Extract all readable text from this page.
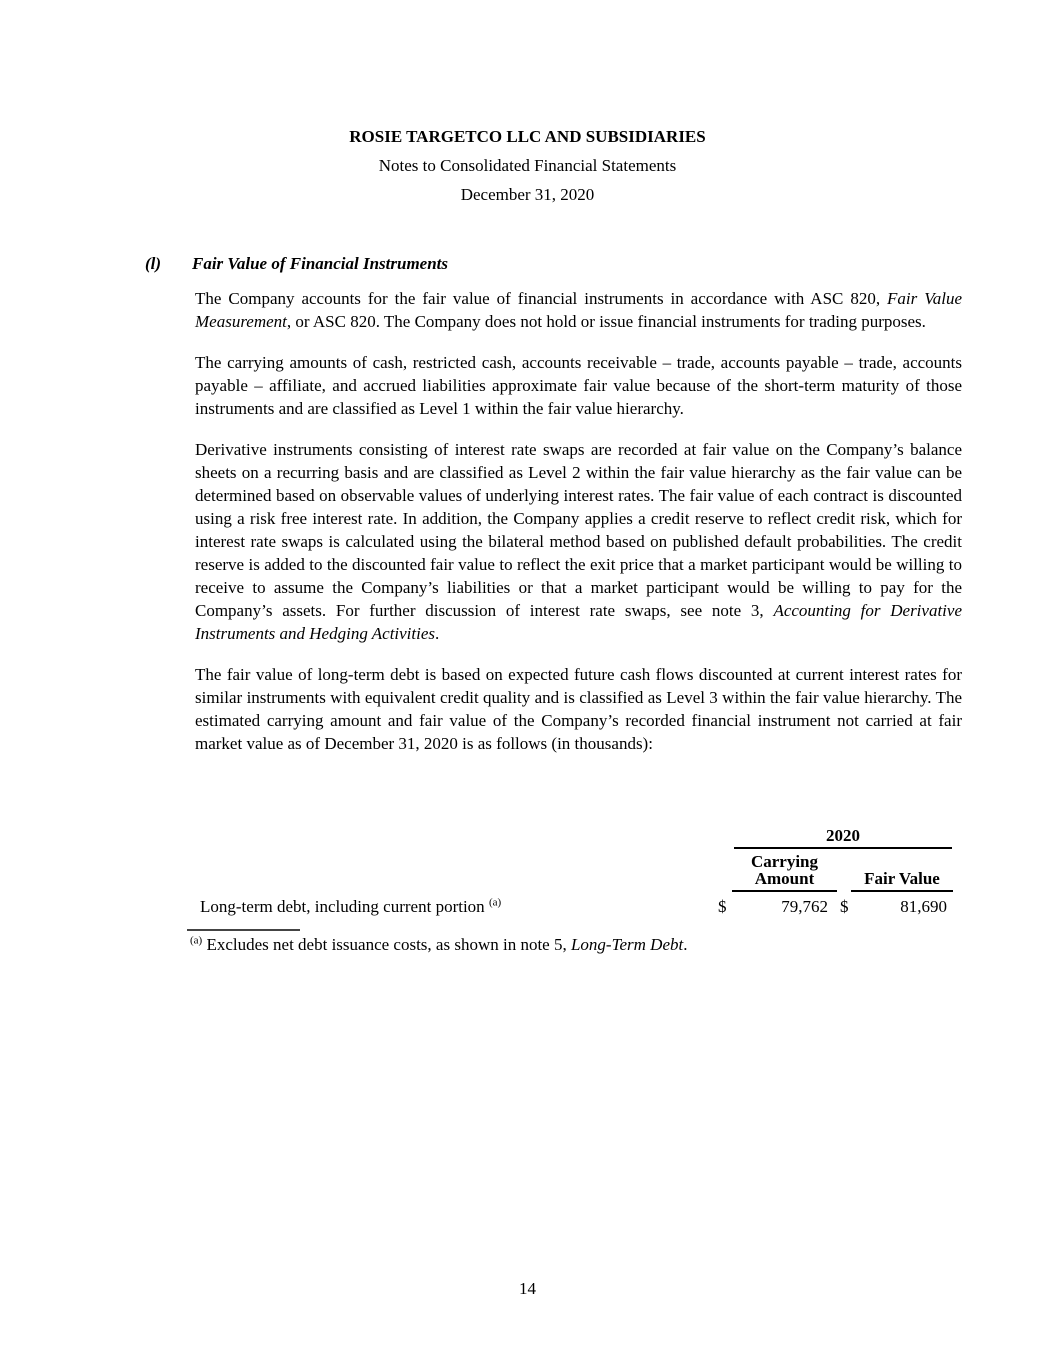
ROSIE TARGETCO LLC AND SUBSIDIARIES
Notes to Consolidated Financial Statements
December 31, 2020
(l)	Fair Value of Financial Instruments

The Company accounts for the fair value of financial instruments in accordance with ASC 820, Fair Value Measurement, or ASC 820. The Company does not hold or issue financial instruments for trading purposes.

The carrying amounts of cash, restricted cash, accounts receivable – trade, accounts payable – trade, accounts payable – affiliate, and accrued liabilities approximate fair value because of the short-term maturity of those instruments and are classified as Level 1 within the fair value hierarchy.

Derivative instruments consisting of interest rate swaps are recorded at fair value on the Company’s balance sheets on a recurring basis and are classified as Level 2 within the fair value hierarchy as the fair value can be determined based on observable values of underlying interest rates. The fair value of each contract is discounted using a risk free interest rate. In addition, the Company applies a credit reserve to reflect credit risk, which for interest rate swaps is calculated using the bilateral method based on published default probabilities. The credit reserve is added to the discounted fair value to reflect the exit price that a market participant would be willing to receive to assume the Company’s liabilities or that a market participant would be willing to pay for the Company’s assets. For further discussion of interest rate swaps, see note 3, Accounting for Derivative Instruments and Hedging Activities.

The fair value of long-term debt is based on expected future cash flows discounted at current interest rates for similar instruments with equivalent credit quality and is classified as Level 3 within the fair value hierarchy. The estimated carrying amount and fair value of the Company’s recorded financial instrument not carried at fair market value as of December 31, 2020 is as follows (in thousands):

2020
Carrying
Amount	Fair Value
Long-term debt, including current portion $^{(a)}$	$	79,762 $	81,690
$^{(a)}$ Excludes net debt issuance costs, as shown in note 5, Long-Term Debt.
14
